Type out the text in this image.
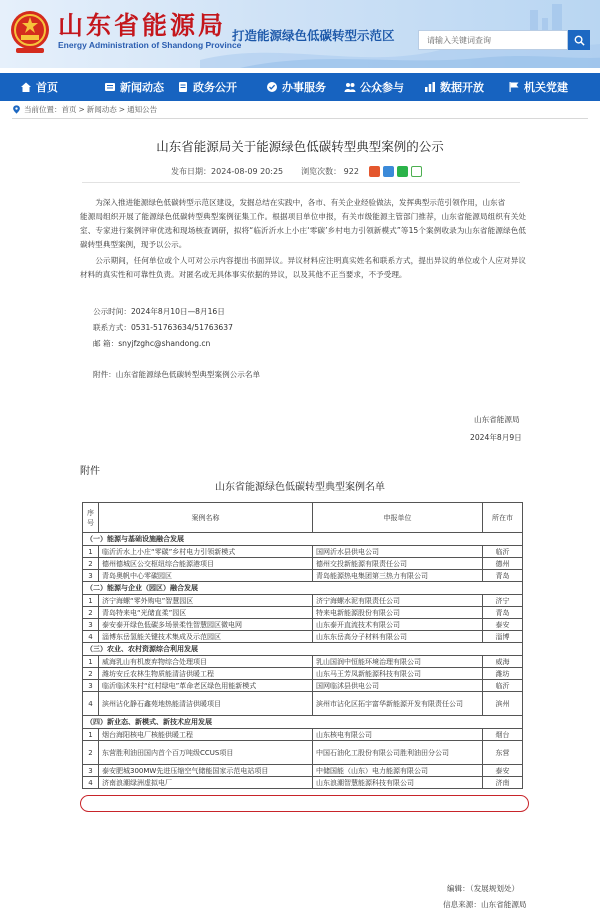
山东省能源局
Energy Administration of Shandong Province
打造能源绿色低碳转型示范区	请输入关键词查询
首页	新闻动态	政务公开	办事服务	公众参与	数据开放	机关党建
当前位置： 首页 > 新闻动态 > 通知公告
山东省能源局关于能源绿色低碳转型典型案例的公示
发布日期：2024-08-09 20:25 浏览次数： 922
为深入推进能源绿色低碳转型示范区建设，发掘总结在实践中，各市、有关企业经验做法，发挥典型示范引领作用，山东省
能源局组织开展了能源绿色低碳转型典型案例征集工作。根据项目单位申报，有关市级能源主管部门推荐，山东省能源局组织有关处室、专家进行案例评审优选和现场核查调研，拟将“临沂沂水上小庄‘零碳’乡村电力引领新模式”等15个案例收录为山东省能源绿色低碳转型典型案例，现予以公示。
公示期间，任何单位或个人可对公示内容提出书面异议。异议材料应注明真实姓名和联系方式，提出异议的单位或个人应对异议材料的真实性和可靠性负责。对匿名或无具体事实依据的异议，以及其他不正当要求，不予受理。
公示时间：2024年8月10日—8月16日
联系方式：0531-51763634/51763637
邮 箱：snyjfzghc@shandong.cn
附件：山东省能源绿色低碳转型典型案例公示名单
山东省能源局
2024年8月9日
附件
山东省能源绿色低碳转型典型案例名单
序号	案例名称	申报单位	所在市
（一）能源与基础设施融合发展			
1	临沂沂水上小庄“零碳”乡村电力引领新模式	国网沂水县供电公司	临沂
2	德州德城区公交枢纽综合能源港项目	德州交投新能源有限责任公司	德州
3	青岛奥帆中心零碳园区	青岛能源热电集团第三热力有限公司	青岛
（二）能源与企业（园区）融合发展			
1	济宁海螺“零外购电”智慧园区	济宁海螺水泥有限责任公司	济宁
2	青岛特来电“光储直柔”园区	特来电新能源股份有限公司	青岛
3	泰安泰开绿色低碳多场景柔性智慧园区微电网	山东泰开直流技术有限公司	泰安
4	淄博东岳氢能关键技术集成及示范园区	山东东岳高分子材料有限公司	淄博
（三）农业、农村资源综合利用发展			
1	威海乳山有机废弃物综合处理项目	乳山国润中恒能环境治理有限公司	威海
2	潍坊安丘农林生物质能清洁供暖工程	山东马王芳凤新能源科技有限公司	潍坊
3	临沂临沭朱村“红村绿电”革命老区绿色用能新模式	国网临沭县供电公司	临沂
4	滨州沾化静石鑫苑地热能清洁供暖项目	滨州市沾化区拓宇富华新能源开发有限责任公司	滨州
（四）新业态、新模式、新技术应用发展			
1	烟台海阳核电厂核能供暖工程	山东核电有限公司	烟台
2	东营胜利油田国内首个百万吨级CCUS项目	中国石油化工股份有限公司胜利油田分公司	东营
3	泰安肥城300MW先进压缩空气储能国家示范电站项目	中储国能（山东）电力能源有限公司	泰安
4	济南浪潮绿洲虚拟电厂	山东浪潮智慧能源科技有限公司	济南
编辑：（发展规划处）
信息来源：山东省能源局
